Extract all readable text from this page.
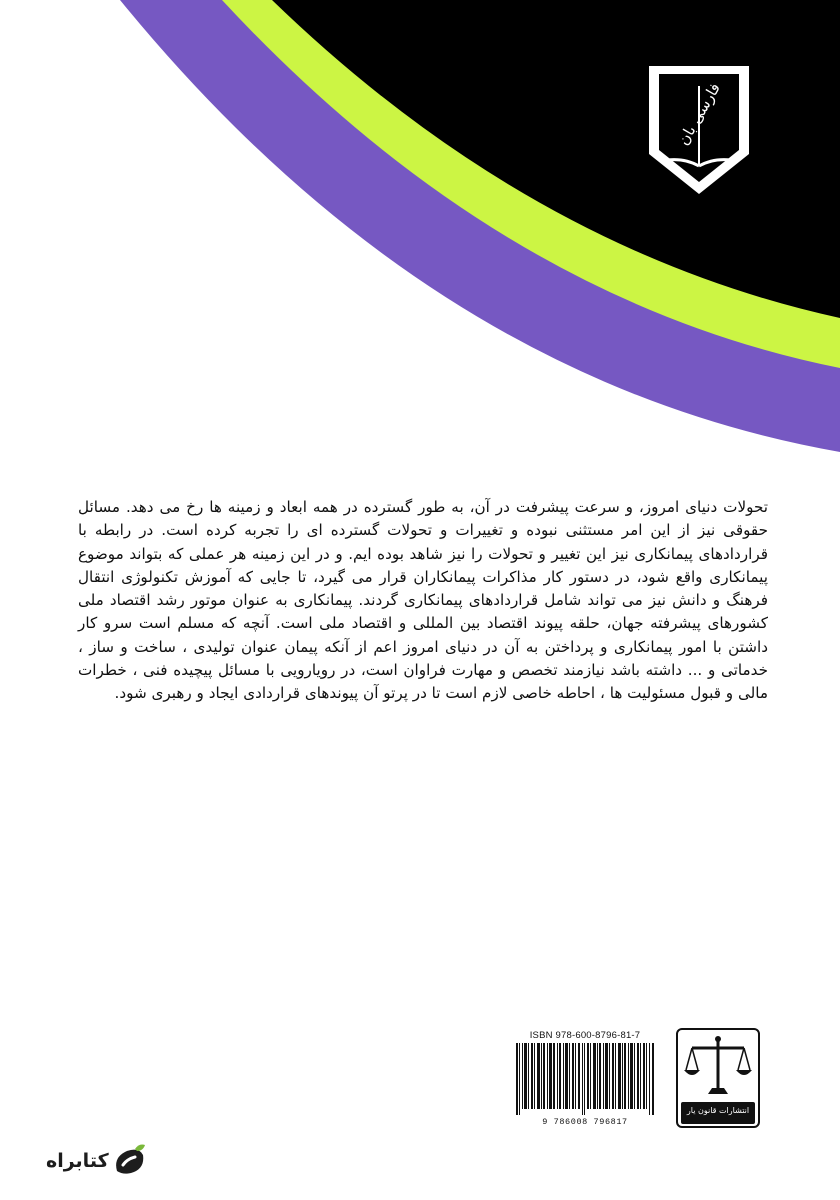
فارسی بان
تحولات دنیای امروز، و سرعت پیشرفت در آن، به طور گسترده در همه ابعاد و زمینه ها رخ می دهد. مسائل حقوقی نیز از این امر مستثنی نبوده و تغییرات و تحولات گسترده ای را تجربه کرده است. در رابطه با قراردادهای پیمانکاری نیز این تغییر و تحولات را نیز شاهد بوده ایم. و در این زمینه هر عملی که بتواند موضوع پیمانکاری واقع شود، در دستور کار مذاکرات پیمانکاران قرار می گیرد، تا جایی که آموزش تکنولوژی انتقال فرهنگ و دانش نیز می تواند شامل قراردادهای پیمانکاری گردند. پیمانکاری به عنوان موتور رشد اقتصاد ملی کشورهای پیشرفته جهان، حلقه پیوند اقتصاد بین المللی و اقتصاد ملی است. آنچه که مسلم است سرو کار داشتن با امور پیمانکاری و پرداختن به آن در دنیای امروز اعم از آنکه پیمان عنوان تولیدی ، ساخت و ساز ، خدماتی و ... داشته باشد نیازمند تخصص و مهارت فراوان است، در رویارویی با مسائل پیچیده فنی ، خطرات مالی و قبول مسئولیت ها ، احاطه خاصی لازم است تا در پرتو آن پیوندهای قراردادی ایجاد و رهبری شود.
ISBN 978-600-8796-81-7
9 786008 796817
انتشارات قانون یار
کتابراه
